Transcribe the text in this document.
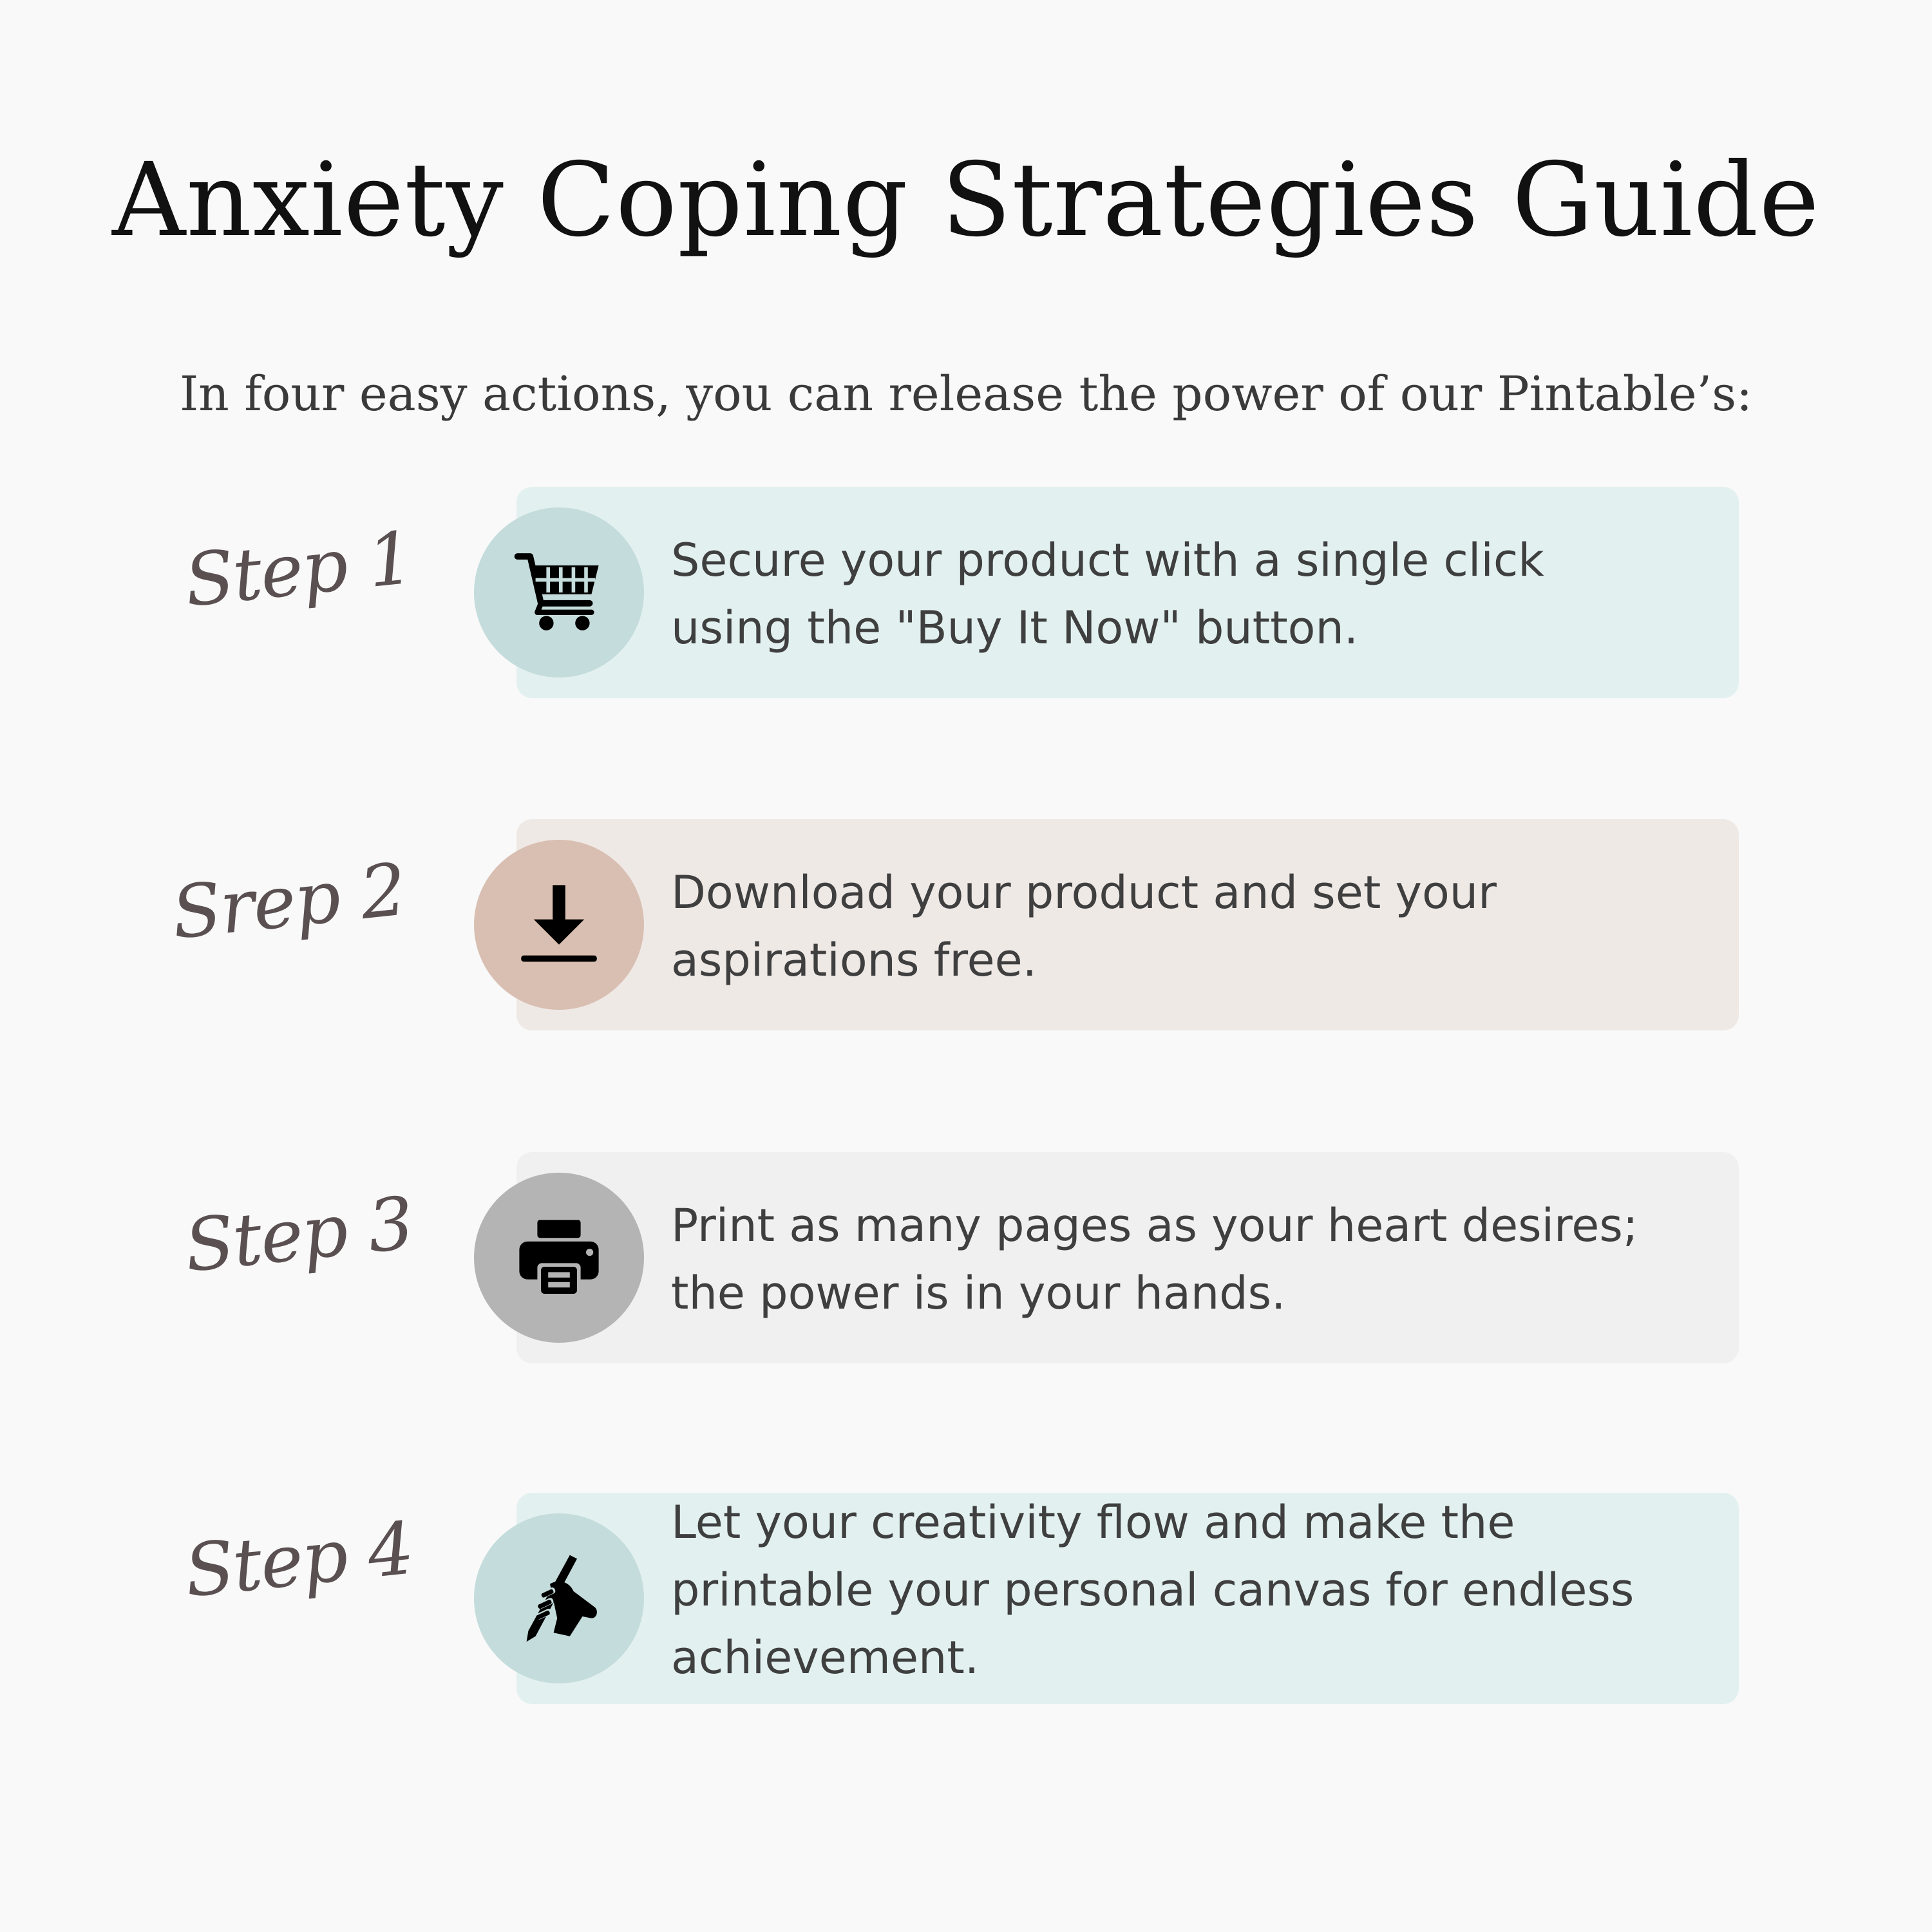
Anxiety Coping Strategies Guide

In four easy actions, you can release the power of our Pintable’s:

Step 1	Secure your product with a single click
using the "Buy It Now" button.

Srep 2	Download your product and set your
aspirations free.

Step 3	Print as many pages as your heart desires;
the power is in your hands.

Step 4	Let your creativity flow and make the
printable your personal canvas for endless
achievement.
